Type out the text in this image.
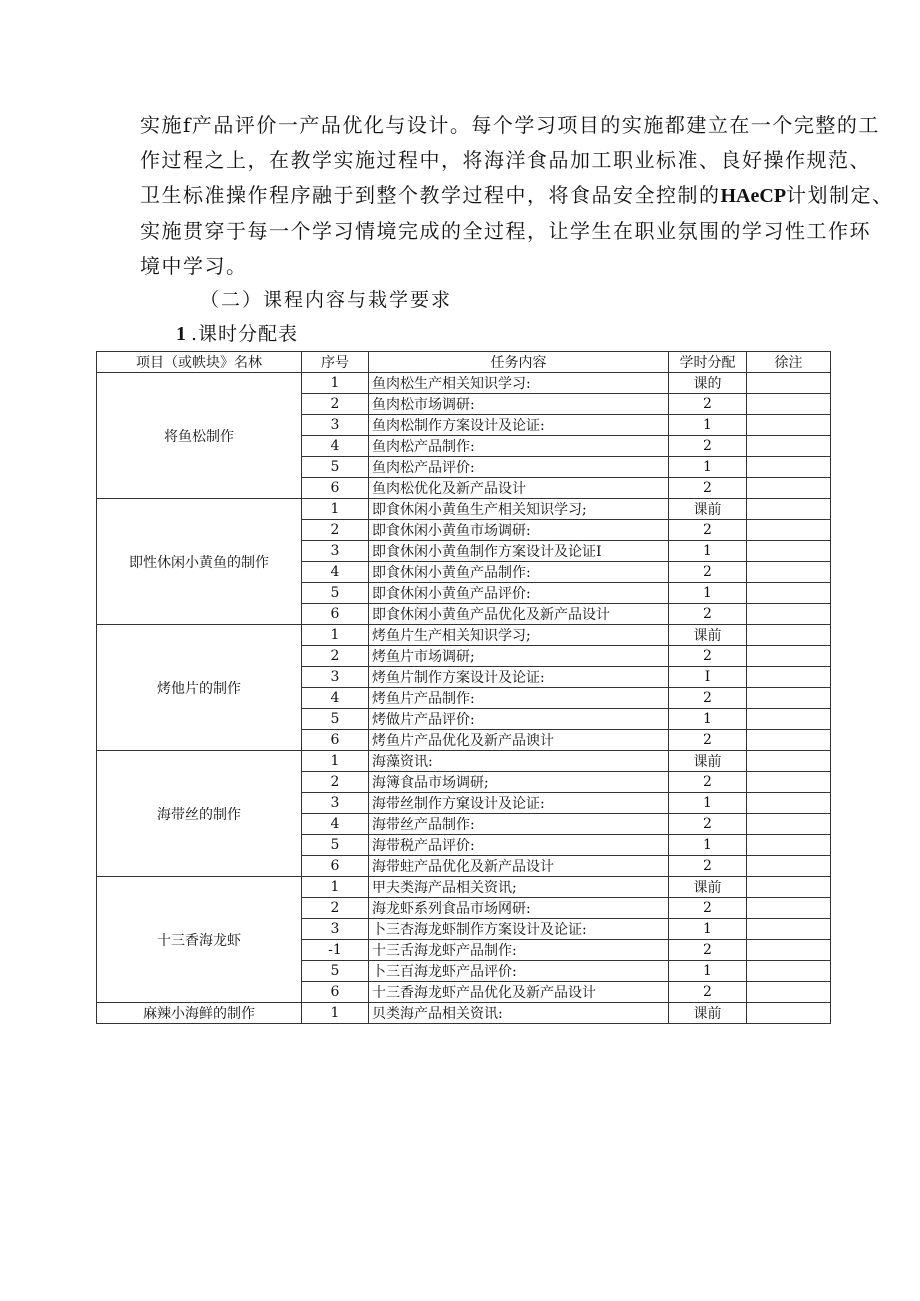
实施f产品评价一产品优化与设计。每个学习项目的实施都建立在一个完整的工
作过程之上，在教学实施过程中，将海洋食品加工职业标准、良好操作规范、
卫生标准操作程序融于到整个教学过程中，将食品安全控制的HAeCP计划制定、
实施贯穿于每一个学习情境完成的全过程，让学生在职业氛围的学习性工作环
境中学习。
（二）课程内容与栽学要求
1 .课时分配表
项目（或帙块》名林	序号	任务内容	学时分配	徐注
将鱼松制作	1	鱼肉松生产相关知识学习:	课的	
	2	鱼肉松市场调研:	2	
	3	鱼肉松制作方案设计及论证:	1	
	4	鱼肉松产品制作:	2	
	5	鱼肉松产品评价:	1	
	6	鱼肉松优化及新产品设计	2	
即性休闲小黄鱼的制作	1	即食休闲小黄鱼生产相关知识学习;	课前	
	2	即食休闲小黄鱼市场调研:	2	
	3	即食休闲小黄鱼制作方案设计及论证I	1	
	4	即食休闲小黄鱼产品制作:	2	
	5	即食休闲小黄鱼产品评价:	1	
	6	即食休闲小黄鱼产品优化及新产品设计	2	
烤他片的制作	1	烤鱼片生产相关知识学习;	课前	
	2	烤鱼片市场调研;	2	
	3	烤鱼片制作方案设计及论证:	I	
	4	烤鱼片产品制作:	2	
	5	烤做片产品评价:	1	
	6	烤鱼片产品优化及新产品谀计	2	
海带丝的制作	1	海藻资讯:	课前	
	2	海簿食品市场调研;	2	
	3	海带丝制作方窠设计及论证:	1	
	4	海带丝产品制作:	2	
	5	海带税产品评价:	1	
	6	海带蛀产品优化及新产品设计	2	
十三香海龙虾	1	甲夫类海产品相关资讯;	课前	
	2	海龙虾系列食品市场网研:	2	
	3	卜三杏海龙虾制作方案设计及论证:	1	
	-1	十三舌海龙虾产品制作:	2	
	5	卜三百海龙虾产品评价:	1	
	6	十三香海龙虾产品优化及新产品设计	2	
麻辣小海鲜的制作	1	贝类海产品相关资讯:	课前	
